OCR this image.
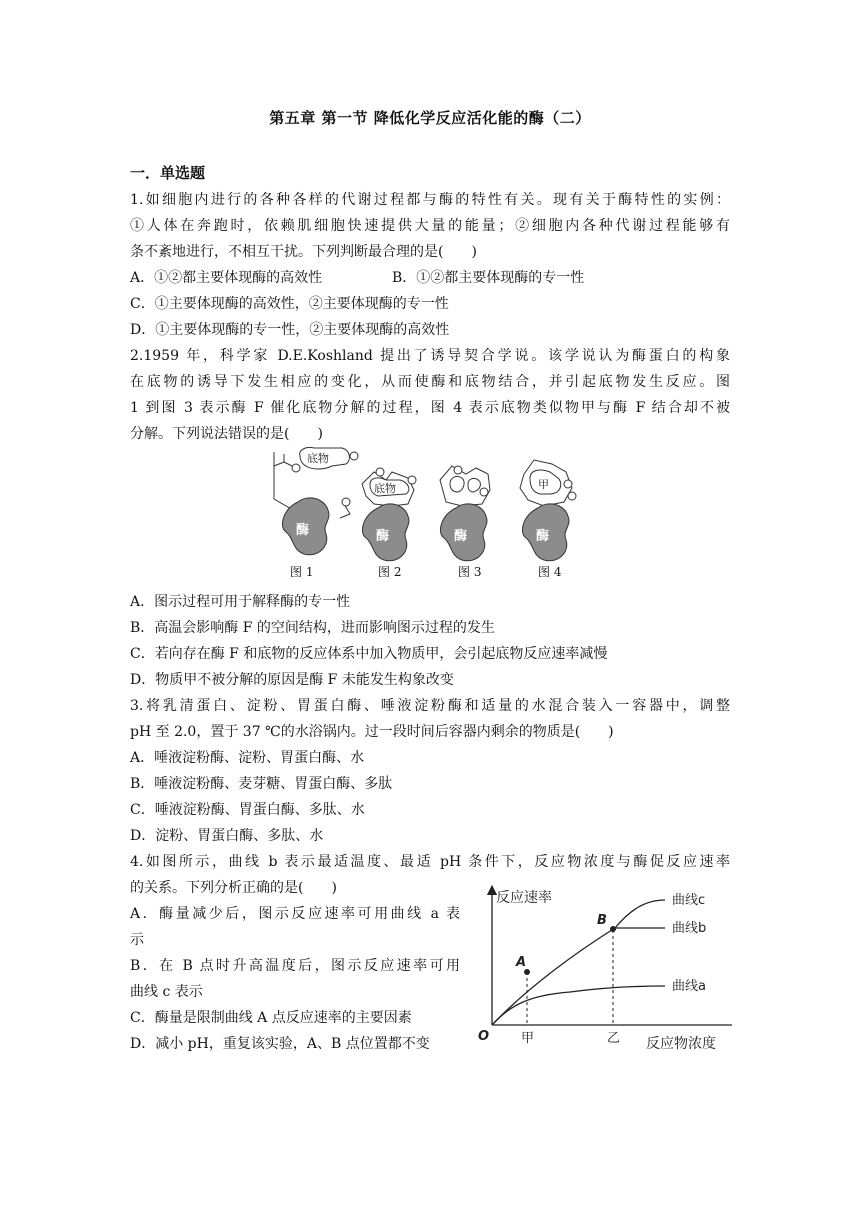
第五章 第一节 降低化学反应活化能的酶（二）
一．单选题
1.如细胞内进行的各种各样的代谢过程都与酶的特性有关。现有关于酶特性的实例：
①人体在奔跑时，依赖肌细胞快速提供大量的能量；②细胞内各种代谢过程能够有
条不紊地进行，不相互干扰。下列判断最合理的是(　　)
A．①②都主要体现酶的高效性	B．①②都主要体现酶的专一性
C．①主要体现酶的高效性，②主要体现酶的专一性
D．①主要体现酶的专一性，②主要体现酶的高效性
2.1959 年，科学家 D.E.Koshland 提出了诱导契合学说。该学说认为酶蛋白的构象
在底物的诱导下发生相应的变化，从而使酶和底物结合，并引起底物发生反应。图
1 到图 3 表示酶 F 催化底物分解的过程，图 4 表示底物类似物甲与酶 F 结合却不被
分解。下列说法错误的是(　　)
底物
酶
底物
酶	酶
甲
酶
图 1	图 2	图 3	图 4
A．图示过程可用于解释酶的专一性
B．高温会影响酶 F 的空间结构，进而影响图示过程的发生
C．若向存在酶 F 和底物的反应体系中加入物质甲，会引起底物反应速率减慢
D．物质甲不被分解的原因是酶 F 未能发生构象改变
3.将乳清蛋白、淀粉、胃蛋白酶、唾液淀粉酶和适量的水混合装入一容器中，调整
pH 至 2.0，置于 37 ℃的水浴锅内。过一段时间后容器内剩余的物质是(　　)
A．唾液淀粉酶、淀粉、胃蛋白酶、水
B．唾液淀粉酶、麦芽糖、胃蛋白酶、多肽
C．唾液淀粉酶、胃蛋白酶、多肽、水
D．淀粉、胃蛋白酶、多肽、水
4.如图所示，曲线 b 表示最适温度、最适 pH 条件下，反应物浓度与酶促反应速率
的关系。下列分析正确的是(　　)
A．酶量减少后，图示反应速率可用曲线 a 表
示
B．在 B 点时升高温度后，图示反应速率可用
曲线 c 表示
C．酶量是限制曲线 A 点反应速率的主要因素
D．减小 pH，重复该实验，A、B 点位置都不变
反应速率
反应物浓度
O
A
B
甲	乙
曲线c
曲线b
曲线a
